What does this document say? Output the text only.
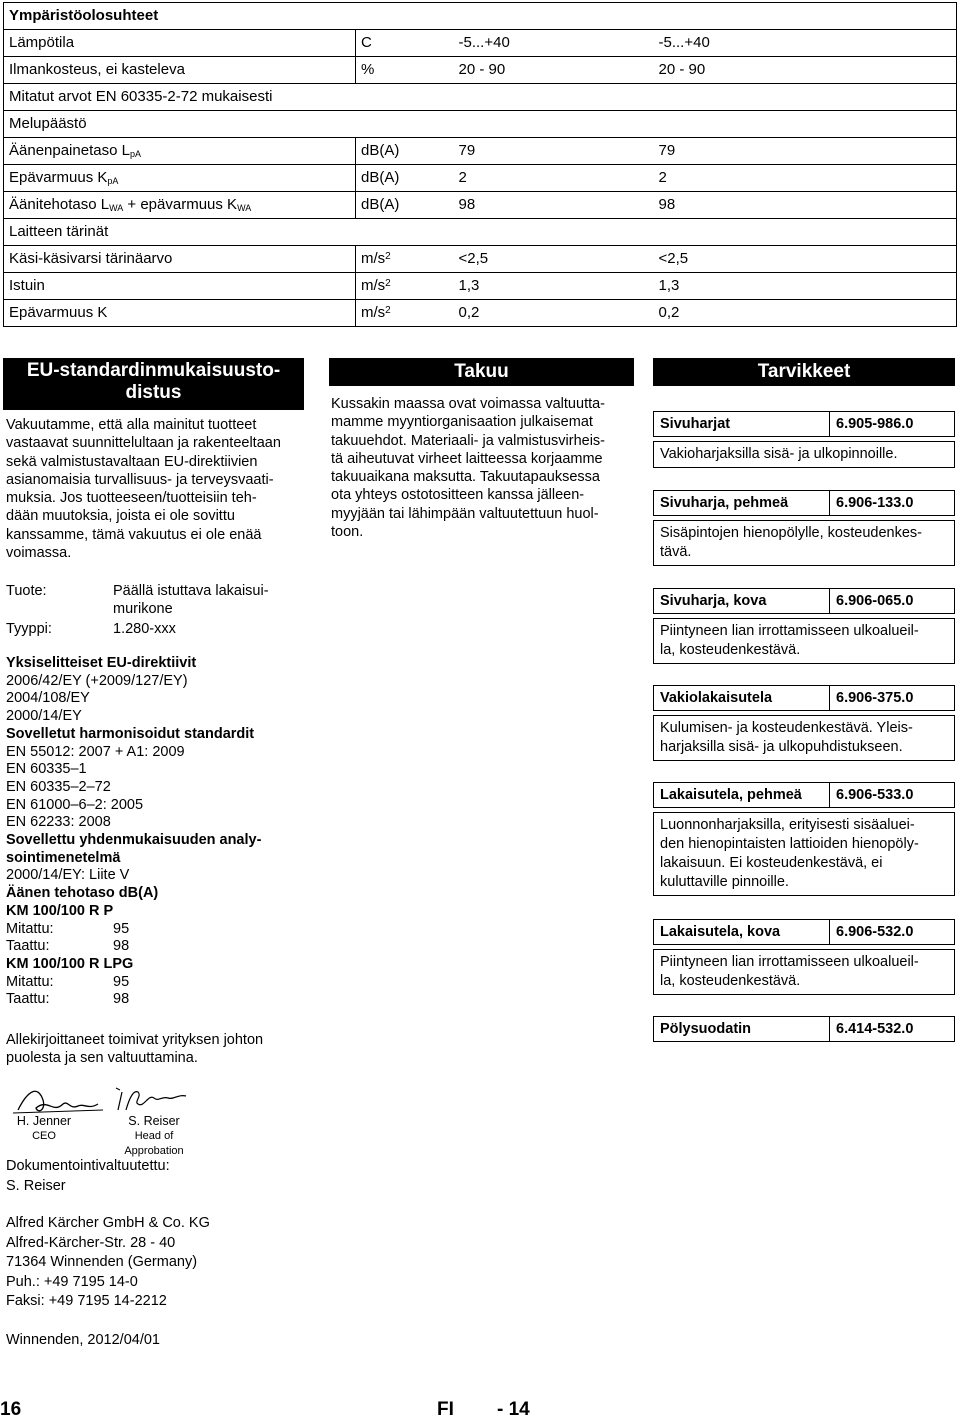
Ympäristöolosuhteet			
Lämpötila	C	-5...+40	-5...+40
Ilmankosteus, ei kasteleva	%	20 - 90	20 - 90
Mitatut arvot EN 60335-2-72 mukaisesti			
Melupäästö			
Äänenpainetaso $L_{pA}$	dB(A)	79	79
Epävarmuus $K_{pA}$	dB(A)	2	2
Äänitehotaso $L_{WA}$ + epävarmuus $K_{WA}$	dB(A)	98	98
Laitteen tärinät			
Käsi-käsivarsi tärinäarvo	$m/s^2$	<2,5	<2,5
Istuin	$m/s^2$	1,3	1,3
Epävarmuus K	$m/s^2$	0,2	0,2
EU-standardinmukaisuusto-
distus
Vakuutamme, että alla mainitut tuotteet
vastaavat suunnittelultaan ja rakenteeltaan
sekä valmistustavaltaan EU-direktiivien
asianomaisia turvallisuus- ja terveysvaati-
muksia. Jos tuotteeseen/tuotteisiin teh-
dään muutoksia, joista ei ole sovittu
kanssamme, tämä vakuutus ei ole enää
voimassa.
Tuote:	Päällä istuttava lakaisui-
murikone
Tyyppi:	1.280-xxx
Yksiselitteiset EU-direktiivit
2006/42/EY (+2009/127/EY)
2004/108/EY
2000/14/EY
Sovelletut harmonisoidut standardit
EN 55012: 2007 + A1: 2009
EN 60335–1
EN 60335–2–72
EN 61000–6–2: 2005
EN 62233: 2008
Sovellettu yhdenmukaisuuden analy-
sointimenetelmä
2000/14/EY: Liite V
Äänen tehotaso dB(A)
KM 100/100 R P
Mitattu:	95
Taattu:	98
KM 100/100 R LPG
Mitattu:	95
Taattu:	98
Allekirjoittaneet toimivat yrityksen johton
puolesta ja sen valtuuttamina.
H. Jenner
CEO
S. Reiser
Head of Approbation
Dokumentointivaltuutettu:
S. Reiser
Alfred Kärcher GmbH & Co. KG
Alfred-Kärcher-Str. 28 - 40
71364 Winnenden (Germany)
Puh.: +49 7195 14-0
Faksi: +49 7195 14-2212
Winnenden, 2012/04/01
Takuu
Kussakin maassa ovat voimassa valtuutta-
mamme myyntiorganisaation julkaisemat
takuuehdot. Materiaali- ja valmistusvirheis-
tä aiheutuvat virheet laitteessa korjaamme
takuuaikana maksutta. Takuutapauksessa
ota yhteys ostotositteen kanssa jälleen-
myyjään tai lähimpään valtuutettuun huol-
toon.
Tarvikkeet
Sivuharjat	6.905-986.0
Vakioharjaksilla sisä- ja ulkopinnoille.
Sivuharja, pehmeä	6.906-133.0
Sisäpintojen hienopölylle, kosteudenkes-
tävä.
Sivuharja, kova	6.906-065.0
Piintyneen lian irrottamisseen ulkoalueil-
la, kosteudenkestävä.
Vakiolakaisutela	6.906-375.0
Kulumisen- ja kosteudenkestävä. Yleis-
harjaksilla sisä- ja ulkopuhdistukseen.
Lakaisutela, pehmeä 6.906-533.0
Luonnonharjaksilla, erityisesti sisäaluei-
den hienopintaisten lattioiden hienopöly-
lakaisuun. Ei kosteudenkestävä, ei
kuluttaville pinnoille.
Lakaisutela, kova	6.906-532.0
Piintyneen lian irrottamisseen ulkoalueil-
la, kosteudenkestävä.
Pölysuodatin	6.414-532.0
16	FI - 14
